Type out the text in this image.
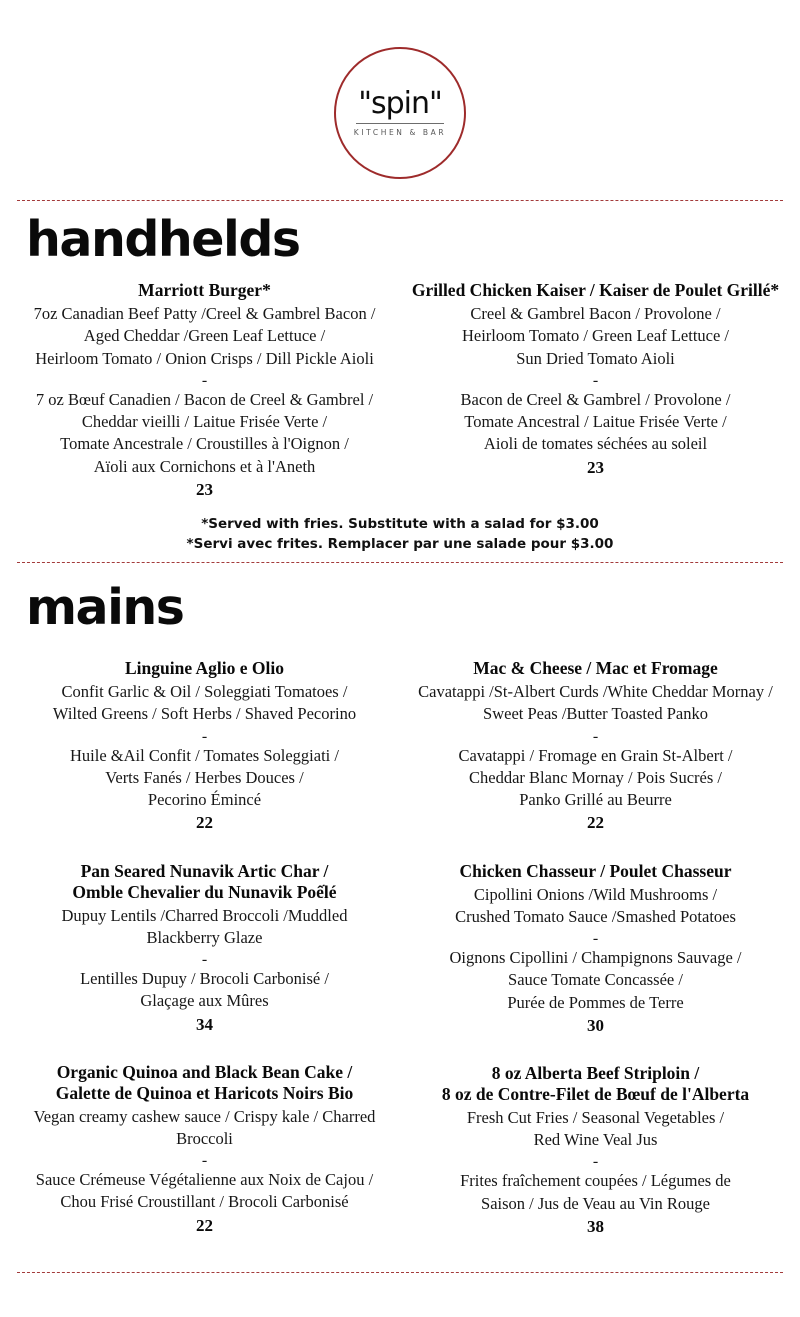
"spin"
KITCHEN & BAR
handhelds
Marriott Burger*
7oz Canadian Beef Patty /Creel & Gambrel Bacon /
Aged Cheddar /Green Leaf Lettuce /
Heirloom Tomato / Onion Crisps / Dill Pickle Aioli
-
7 oz Bœuf Canadien / Bacon de Creel & Gambrel /
Cheddar vieilli / Laitue Frisée Verte /
Tomate Ancestrale / Croustilles à l'Oignon /
Aïoli aux Cornichons et à l'Aneth
23
Grilled Chicken Kaiser / Kaiser de Poulet Grillé*
Creel & Gambrel Bacon / Provolone /
Heirloom Tomato / Green Leaf Lettuce /
Sun Dried Tomato Aioli
-
Bacon de Creel & Gambrel / Provolone /
Tomate Ancestral / Laitue Frisée Verte /
Aioli de tomates séchées au soleil
23
*Served with fries. Substitute with a salad for $3.00
*Servi avec frites. Remplacer par une salade pour $3.00
mains
Linguine Aglio e Olio
Confit Garlic & Oil / Soleggiati Tomatoes /
Wilted Greens / Soft Herbs / Shaved Pecorino
-
Huile &Ail Confit / Tomates Soleggiati /
Verts Fanés / Herbes Douces /
Pecorino Émincé
22
Pan Seared Nunavik Artic Char /
Omble Chevalier du Nunavik Poếlé
Dupuy Lentils /Charred Broccoli /Muddled
Blackberry Glaze
-
Lentilles Dupuy / Brocoli Carbonisé /
Glaçage aux Mûres
34
Organic Quinoa and Black Bean Cake /
Galette de Quinoa et Haricots Noirs Bio
Vegan creamy cashew sauce / Crispy kale / Charred
Broccoli
-
Sauce Crémeuse Végétalienne aux Noix de Cajou /
Chou Frisé Croustillant / Brocoli Carbonisé
22
Mac & Cheese / Mac et Fromage
Cavatappi /St-Albert Curds /White Cheddar Mornay /
Sweet Peas /Butter Toasted Panko
-
Cavatappi / Fromage en Grain St-Albert /
Cheddar Blanc Mornay / Pois Sucrés /
Panko Grillé au Beurre
22
Chicken Chasseur / Poulet Chasseur
Cipollini Onions /Wild Mushrooms /
Crushed Tomato Sauce /Smashed Potatoes
-
Oignons Cipollini / Champignons Sauvage /
Sauce Tomate Concassée /
Purée de Pommes de Terre
30
8 oz Alberta Beef Striploin /
8 oz de Contre-Filet de Bœuf de l'Alberta
Fresh Cut Fries / Seasonal Vegetables /
Red Wine Veal Jus
-
Frites fraîchement coupées / Légumes de
Saison / Jus de Veau au Vin Rouge
38
